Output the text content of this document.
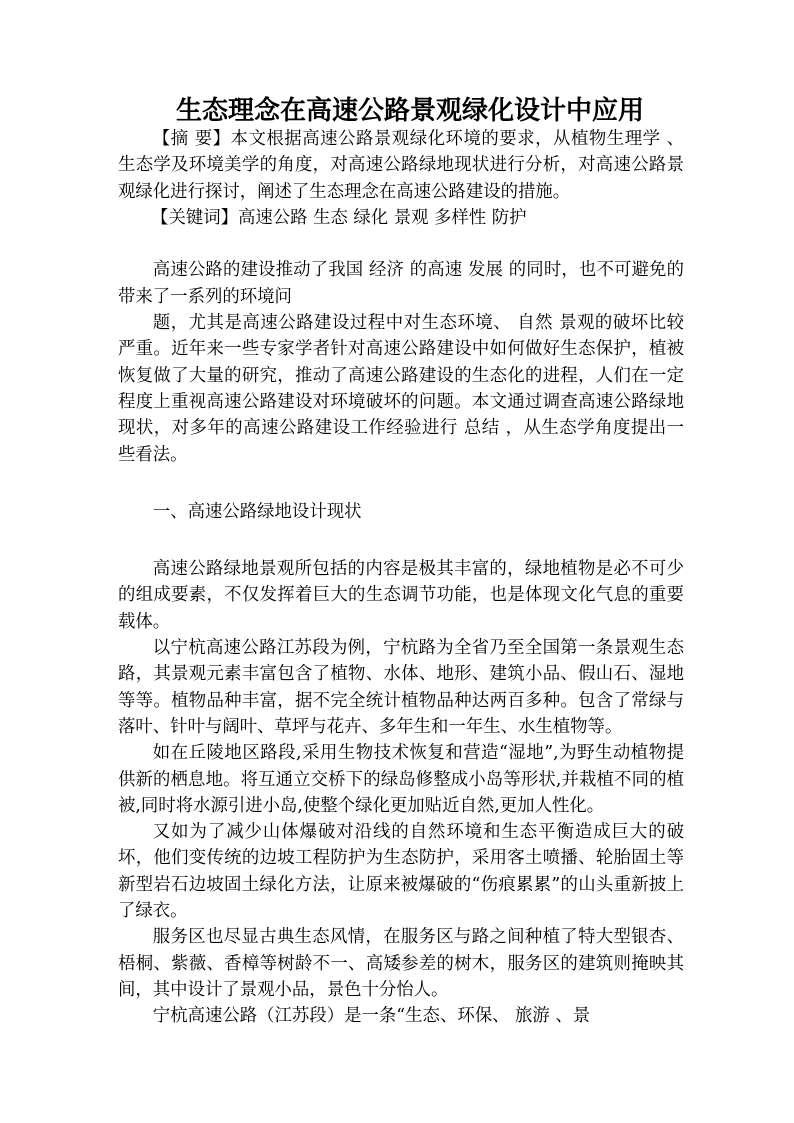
生态理念在高速公路景观绿化设计中应用

【摘 要】本文根据高速公路景观绿化环境的要求，从植物生理学 、生态学及环境美学的角度，对高速公路绿地现状进行分析，对高速公路景观绿化进行探讨，阐述了生态理念在高速公路建设的措施。

【关键词】高速公路 生态 绿化 景观 多样性 防护

高速公路的建设推动了我国 经济 的高速 发展 的同时，也不可避免的带来了一系列的环境问

题，尤其是高速公路建设过程中对生态环境、 自然 景观的破坏比较严重。近年来一些专家学者针对高速公路建设中如何做好生态保护，植被恢复做了大量的研究，推动了高速公路建设的生态化的进程，人们在一定程度上重视高速公路建设对环境破坏的问题。本文通过调查高速公路绿地现状，对多年的高速公路建设工作经验进行 总结 ，从生态学角度提出一些看法。

一、高速公路绿地设计现状

高速公路绿地景观所包括的内容是极其丰富的，绿地植物是必不可少的组成要素，不仅发挥着巨大的生态调节功能，也是体现文化气息的重要载体。

以宁杭高速公路江苏段为例，宁杭路为全省乃至全国第一条景观生态路，其景观元素丰富包含了植物、水体、地形、建筑小品、假山石、湿地等等。植物品种丰富，据不完全统计植物品种达两百多种。包含了常绿与落叶、针叶与阔叶、草坪与花卉、多年生和一年生、水生植物等。

如在丘陵地区路段,采用生物技术恢复和营造“湿地”,为野生动植物提供新的栖息地。将互通立交桥下的绿岛修整成小岛等形状,并栽植不同的植被,同时将水源引进小岛,使整个绿化更加贴近自然,更加人性化。

又如为了减少山体爆破对沿线的自然环境和生态平衡造成巨大的破坏，他们变传统的边坡工程防护为生态防护，采用客土喷播、轮胎固土等新型岩石边坡固土绿化方法，让原来被爆破的“伤痕累累”的山头重新披上了绿衣。

服务区也尽显古典生态风情，在服务区与路之间种植了特大型银杏、梧桐、紫薇、香樟等树龄不一、高矮参差的树木，服务区的建筑则掩映其间，其中设计了景观小品，景色十分怡人。

宁杭高速公路（江苏段）是一条“生态、环保、 旅游 、景
